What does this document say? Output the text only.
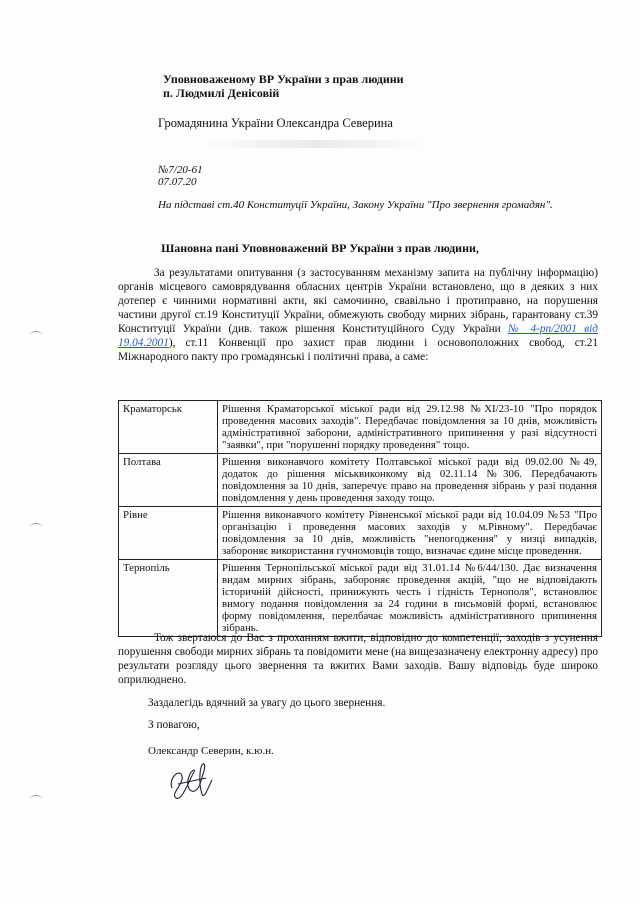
Уповноваженому ВР України з прав людини
п. Людмилі Денісовій
Громадянина України Олександра Северина
№7/20-61
07.07.20
На підставі ст.40 Конституції України, Закону України "Про звернення громадян".
Шановна пані Уповноважений ВР України з прав людини,

За результатами опитування (з застосуванням механізму запита на публічну інформацію) органів місцевого самоврядування обласних центрів України встановлено, що в деяких з них дотепер є чинними нормативні акти, які самочинно, свавільно і протиправно, на порушення частини другої ст.19 Конституції України, обмежують свободу мирних зібрань, гарантовану ст.39 Конституції України (див. також рішення Конституційного Суду України № 4-рп/2001 від 19.04.2001), ст.11 Конвенції про захист прав людини і основоположних свобод, ст.21 Міжнародного пакту про громадянські і політичні права, а саме:

Краматорськ	Рішення Краматорської міської ради від 29.12.98 №XI/23-10 "Про порядок проведення масових заходів". Передбачає повідомлення за 10 днів, можливість адміністративної заборони, адміністративного припинення у разі відсутності "заявки", при "порушенні порядку проведення" тощо.
Полтава	Рішення виконавчого комітету Полтавської міської ради від 09.02.00 №49, додаток до рішення міськвиконкому від 02.11.14 №306. Передбачають повідомлення за 10 днів, заперечує право на проведення зібрань у разі подання повідомлення у день проведення заходу тощо.
Рівне	Рішення виконавчого комітету Рівненської міської ради від 10.04.09 №53 "Про організацію і проведення масових заходів у м.Рівному". Передбачає повідомлення за 10 днів, можливість "непогодження" у низці випадків, забороняє використання гучномовців тощо, визначає єдине місце проведення.
Тернопіль	Рішення Тернопільської міської ради від 31.01.14 №6/44/130. Дає визначення видам мирних зібрань, забороняє проведення акцій, "що не відповідають історичній дійсності, принижують честь і гідність Тернополя", встановлює вимогу подання повідомлення за 24 години в письмовій формі, встановлює форму повідомлення, перелбачає можливість адміністративного припинення зібрань.

Тож звертаюся до Вас з проханням вжити, відповідно до компетенції, заходів з усунення порушення свободи мирних зібрань та повідомити мене (на вищезазначену електронну адресу) про результати розгляду цього звернення та вжитих Вами заходів. Вашу відповідь буде широко оприлюднено.

Заздалегідь вдячний за увагу до цього звернення.
З повагою,
Олександр Северин, к.ю.н.
